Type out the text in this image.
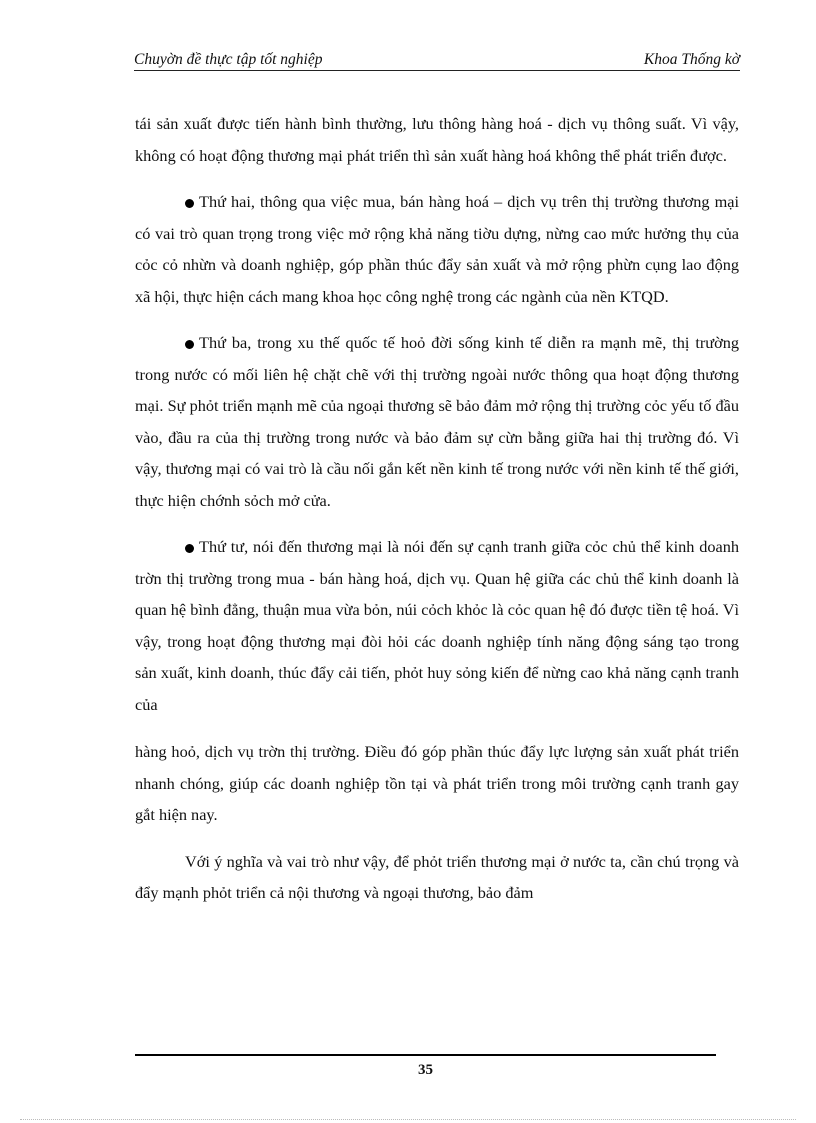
Chuyờn đề thực tập tốt nghiệp	Khoa Thống kờ

tái sản xuất được tiến hành bình thường, lưu thông hàng hoá - dịch vụ thông suất. Vì vậy, không có hoạt động thương mại phát triển thì sản xuất hàng hoá không thể phát triển được.

Thứ hai, thông qua việc mua, bán hàng hoá – dịch vụ trên thị trường thương mại có vai trò quan trọng trong việc mở rộng khả năng tiờu dựng, nừng cao mức hưởng thụ của cỏc cỏ nhừn và doanh nghiệp, góp phần thúc đẩy sản xuất và mở rộng phừn cụng lao động xã hội, thực hiện cách mang khoa học công nghệ trong các ngành của nền KTQD.

Thứ ba, trong xu thế quốc tế hoỏ đời sống kinh tế diễn ra mạnh mẽ, thị trường trong nước có mối liên hệ chặt chẽ với thị trường ngoài nước thông qua hoạt động thương mại. Sự phỏt triển mạnh mẽ của ngoại thương sẽ bảo đảm mở rộng thị trường cỏc yếu tố đầu vào, đầu ra của thị trường trong nước và bảo đảm sự cừn bằng giữa hai thị trường đó. Vì vậy, thương mại có vai trò là cầu nối gắn kết nền kinh tế trong nước với nền kinh tế thế giới, thực hiện chớnh sỏch mở cửa.

Thứ tư, nói đến thương mại là nói đến sự cạnh tranh giữa cỏc chủ thể kinh doanh trờn thị trường trong mua - bán hàng hoá, dịch vụ. Quan hệ giữa các chủ thể kinh doanh là quan hệ bình đẳng, thuận mua vừa bỏn, núi cỏch khỏc là cỏc quan hệ đó được tiền tệ hoá. Vì vậy, trong hoạt động thương mại đòi hỏi các doanh nghiệp tính năng động sáng tạo trong sản xuất, kinh doanh, thúc đẩy cải tiến, phỏt huy sỏng kiến để nừng cao khả năng cạnh tranh của

hàng hoỏ, dịch vụ trờn thị trường. Điều đó góp phần thúc đẩy lực lượng sản xuất phát triển nhanh chóng, giúp các doanh nghiệp tồn tại và phát triển trong môi trường cạnh tranh gay gắt hiện nay.

Với ý nghĩa và vai trò như vậy, để phỏt triển thương mại ở nước ta, cần chú trọng và đẩy mạnh phỏt triển cả nội thương và ngoại thương, bảo đảm

35
